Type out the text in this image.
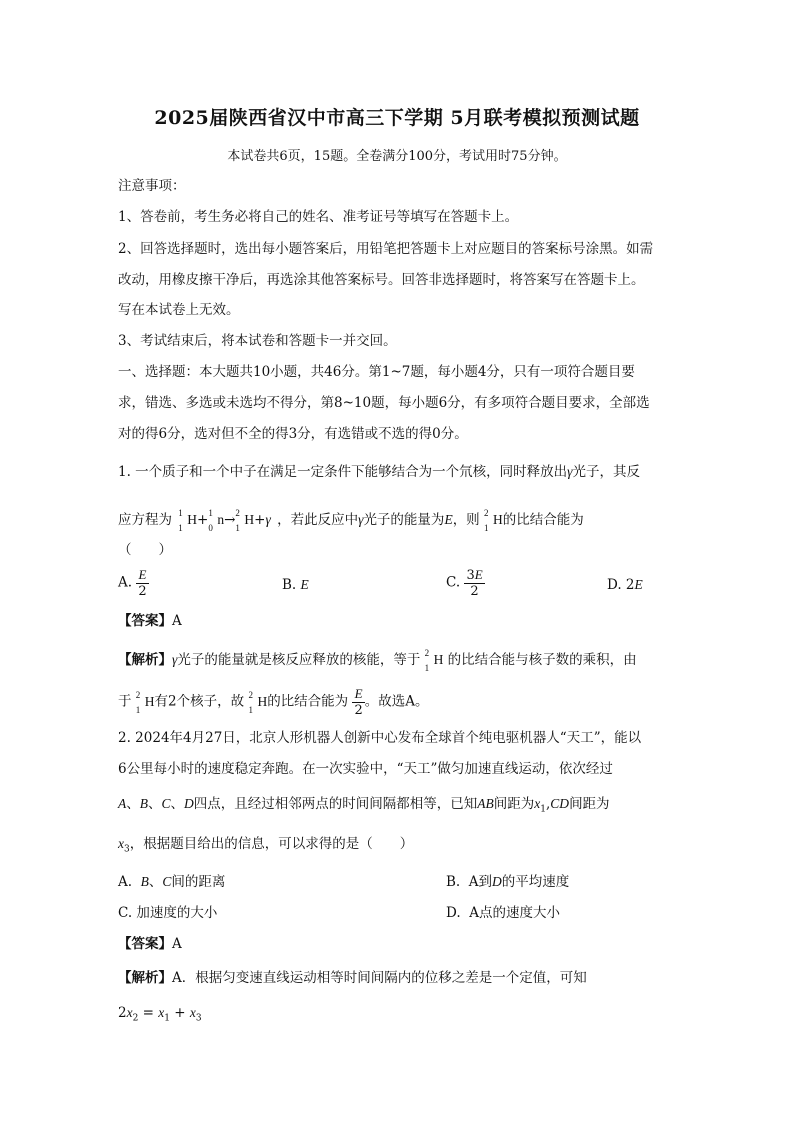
2025届陕西省汉中市高三下学期 5月联考模拟预测试题
本试卷共6页，15题。全卷满分100分，考试用时75分钟。
注意事项：
1、答卷前，考生务必将自己的姓名、准考证号等填写在答题卡上。
2、回答选择题时，选出每小题答案后，用铅笔把答题卡上对应题目的答案标号涂黑。如需
改动，用橡皮擦干净后，再选涂其他答案标号。回答非选择题时，将答案写在答题卡上。
写在本试卷上无效。
3、考试结束后，将本试卷和答题卡一并交回。
一、选择题：本大题共10小题，共46分。第1~7题，每小题4分，只有一项符合题目要
求，错选、多选或未选均不得分，第8~10题，每小题6分，有多项符合题目要求，全部选
对的得6分，选对但不全的得3分，有选错或不选的得0分。
1. 一个质子和一个中子在满足一定条件下能够结合为一个氘核，同时释放出γ光子，其反
应方程为 1
1
H+ 1
0
n→ 2
1
H+γ ，若此反应中γ光子的能量为E，则 2
1
H的比结合能为
（　　）
A. $\frac{E}{2}$	B. E	C. $\frac{3E}{2}$	D. 2E
【答案】A
【解析】γ光子的能量就是核反应释放的核能，等于 2
1
H 的比结合能与核子数的乘积，由
于 2
1
H有2个核子，故 2
1
H的比结合能为 $\frac{E}{2}$ 。故选A。
2. 2024年4月27日，北京人形机器人创新中心发布全球首个纯电驱机器人“天工”，能以
6公里每小时的速度稳定奔跑。在一次实验中，“天工”做匀加速直线运动，依次经过
A、B、C、D四点，且经过相邻两点的时间间隔都相等，已知AB间距为$x_1,CD$间距为
$x_3$，根据题目给出的信息，可以求得的是（　　）
A.  B、C间的距离	B.  A到D的平均速度
C. 加速度的大小	D.  A点的速度大小
【答案】A
【解析】A．根据匀变速直线运动相等时间间隔内的位移之差是一个定值，可知
$2x_2 = x_1 + x_3$
